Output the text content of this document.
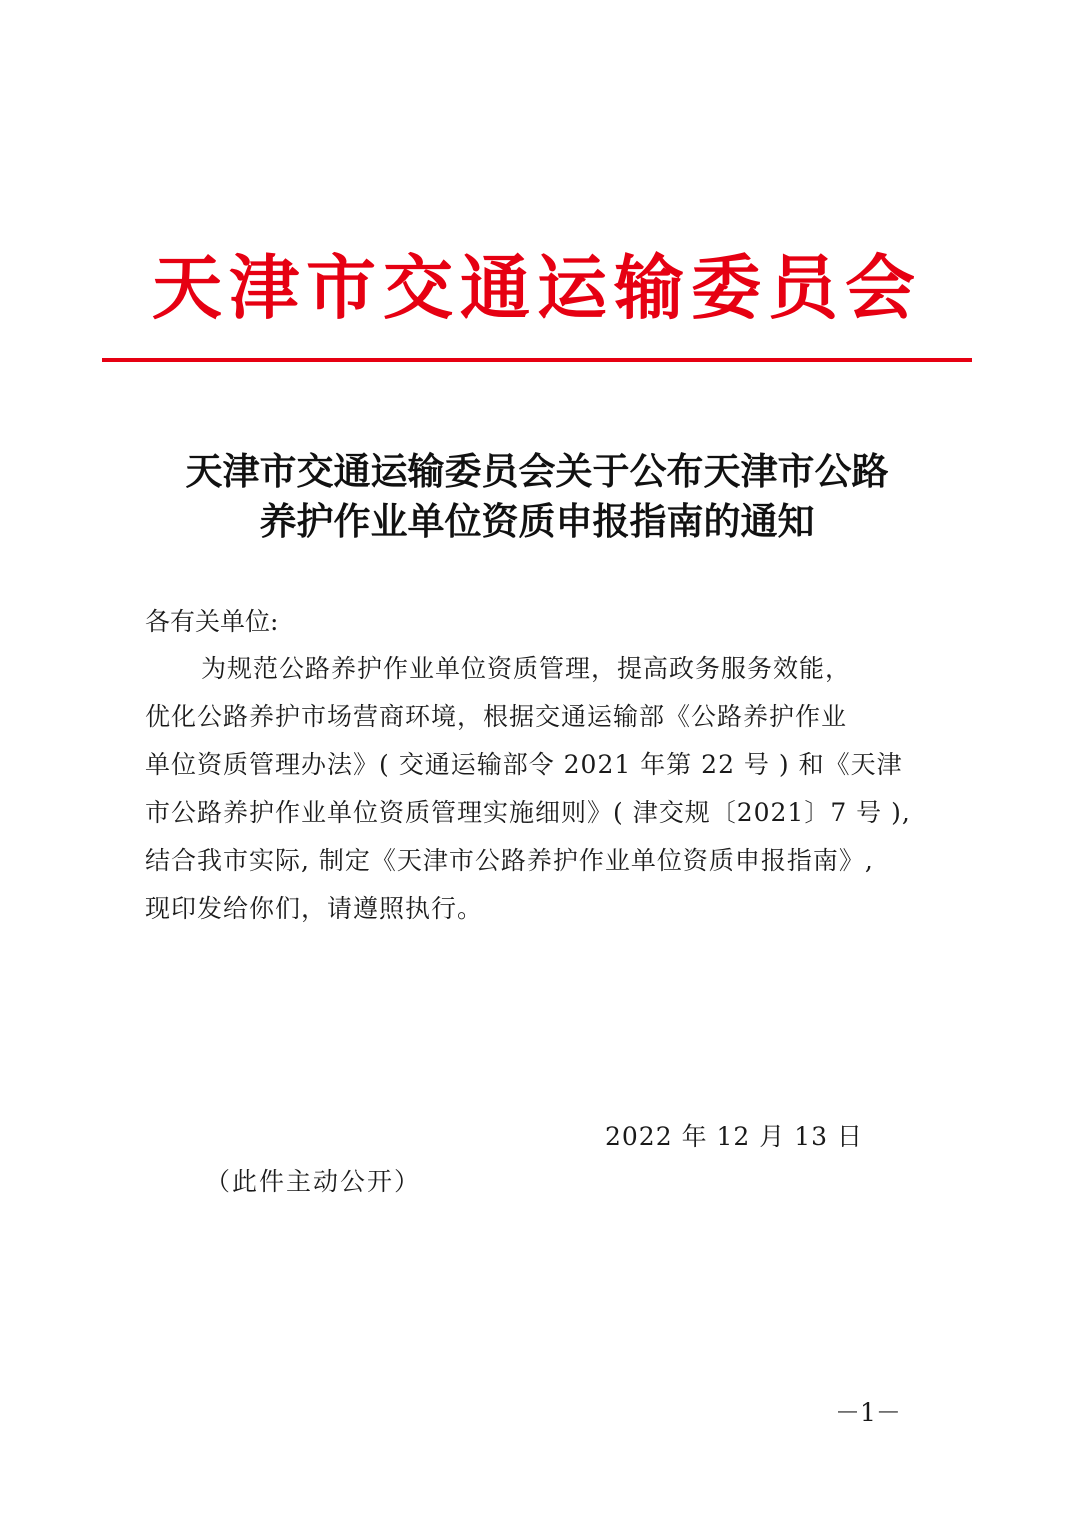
天津市交通运输委员会
天津市交通运输委员会关于公布天津市公路
养护作业单位资质申报指南的通知
各有关单位:
为规范公路养护作业单位资质管理，提高政务服务效能，
优化公路养护市场营商环境，根据交通运输部《公路养护作业
单位资质管理办法》( 交通运输部令 2021 年第 22 号 ) 和《天津
市公路养护作业单位资质管理实施细则》( 津交规〔2021〕7 号 ),
结合我市实际, 制定《天津市公路养护作业单位资质申报指南》,
现印发给你们，请遵照执行。
2022 年 12 月 13 日
（此件主动公开）
－1－
